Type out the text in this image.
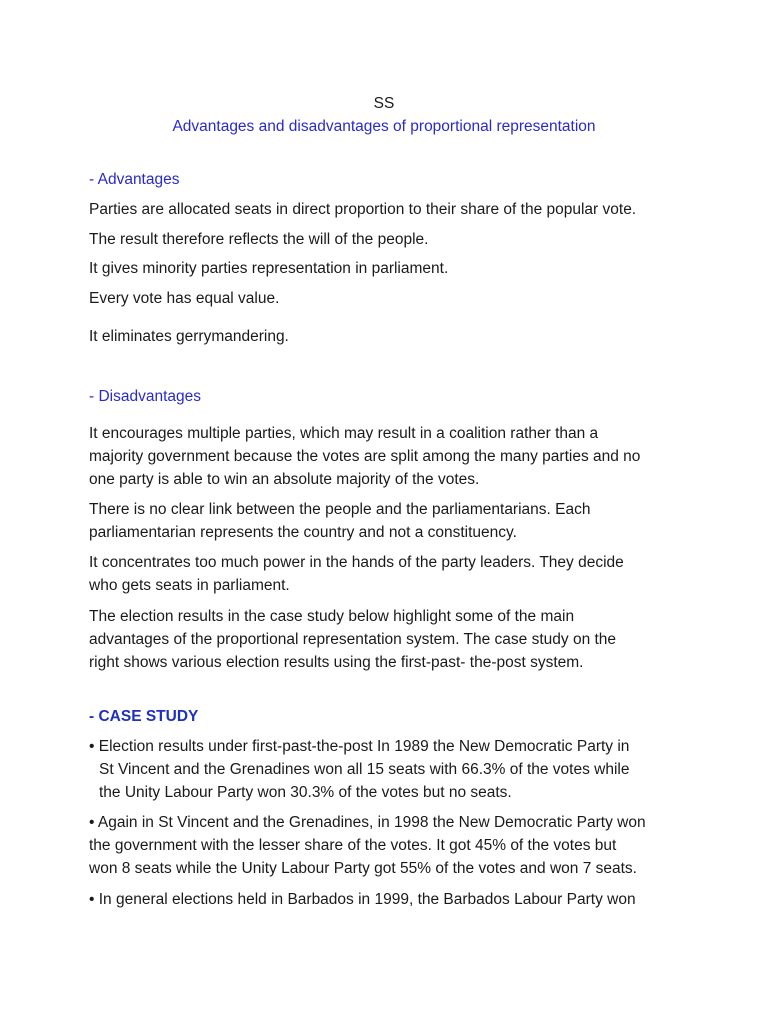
SS
Advantages and disadvantages of proportional representation
- Advantages
Parties are allocated seats in direct proportion to their share of the popular vote.
The result therefore reflects the will of the people.
It gives minority parties representation in parliament.
Every vote has equal value.
It eliminates gerrymandering.
- Disadvantages
It encourages multiple parties, which may result in a coalition rather than a
majority government because the votes are split among the many parties and no
one party is able to win an absolute majority of the votes.
There is no clear link between the people and the parliamentarians. Each
parliamentarian represents the country and not a constituency.
It concentrates too much power in the hands of the party leaders. They decide
who gets seats in parliament.
The election results in the case study below highlight some of the main
advantages of the proportional representation system. The case study on the
right shows various election results using the first-past- the-post system.
- CASE STUDY
• Election results under first-past-the-post In 1989 the New Democratic Party in
St Vincent and the Grenadines won all 15 seats with 66.3% of the votes while
the Unity Labour Party won 30.3% of the votes but no seats.
• Again in St Vincent and the Grenadines, in 1998 the New Democratic Party won
the government with the lesser share of the votes. It got 45% of the votes but
won 8 seats while the Unity Labour Party got 55% of the votes and won 7 seats.
• In general elections held in Barbados in 1999, the Barbados Labour Party won
